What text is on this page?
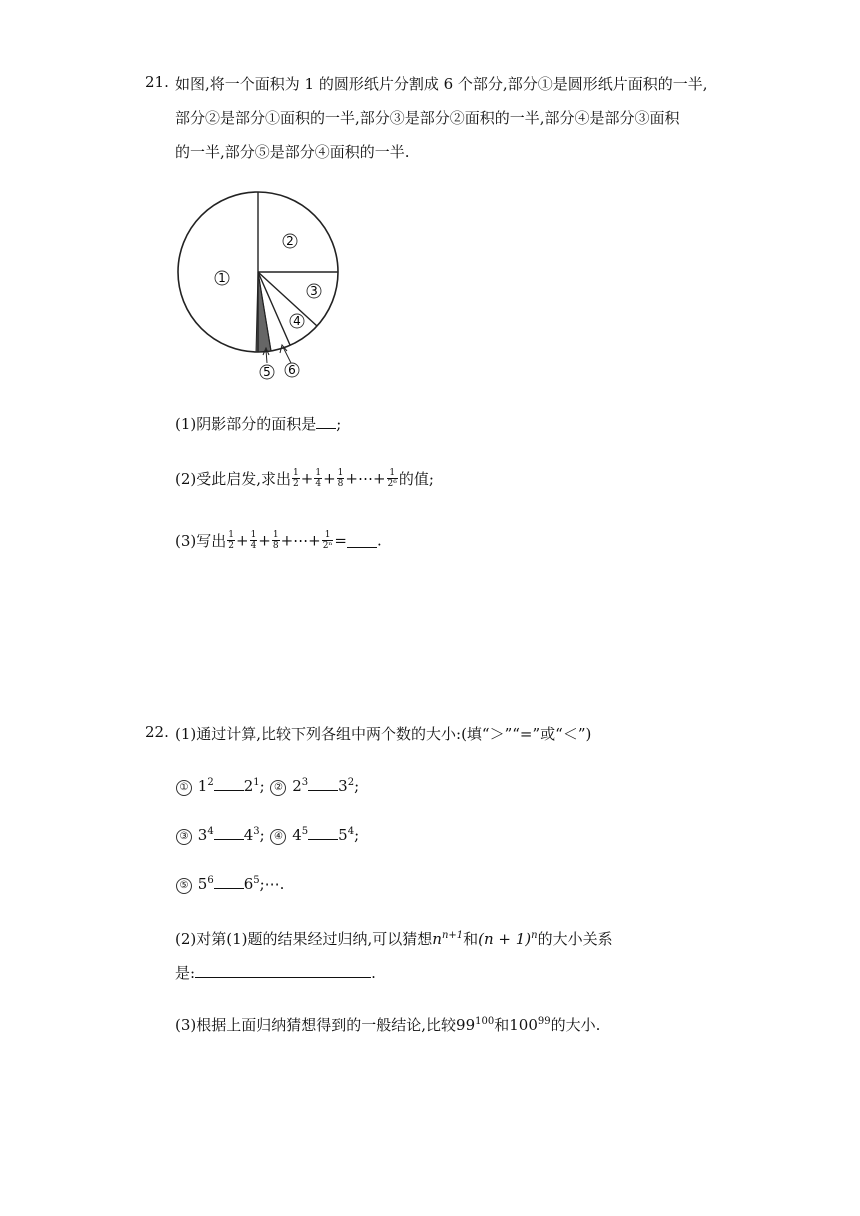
21. 如图,将一个面积为 1 的圆形纸片分割成 6 个部分,部分①是圆形纸片面积的一半,
部分②是部分①面积的一半,部分③是部分②面积的一半,部分④是部分③面积
的一半,部分⑤是部分④面积的一半.
1
2
3
4
5 6
(1)阴影部分的面积是 ;
(2)受此启发,求出 $\frac{1}{2} + \frac{1}{4} + \frac{1}{8}$ +⋯+ $\frac{1}{\text{2⁶}}$ 的值;
(3)写出 $\frac{1}{2} + \frac{1}{4} + \frac{1}{8}$ +⋯+ $\frac{1}{\text{2ⁿ}}$ = .
22. (1)通过计算,比较下列各组中两个数的大小:(填“＞”“=”或“＜”)
① $1^2$ $2^1$; ② $2^3$ $3^2$;
③ $3^4$ $4^3$; ④ $4^5$ $5^4$;
⑤ $5^6$ $6^5;\cdots$.
(2)对第(1)题的结果经过归纳,可以猜想$n^{n+1}$和$(n + 1)^n$的大小关系
是:	.
(3)根据上面归纳猜想得到的一般结论,比较$99^{100}$和$100^{99}$的大小.
